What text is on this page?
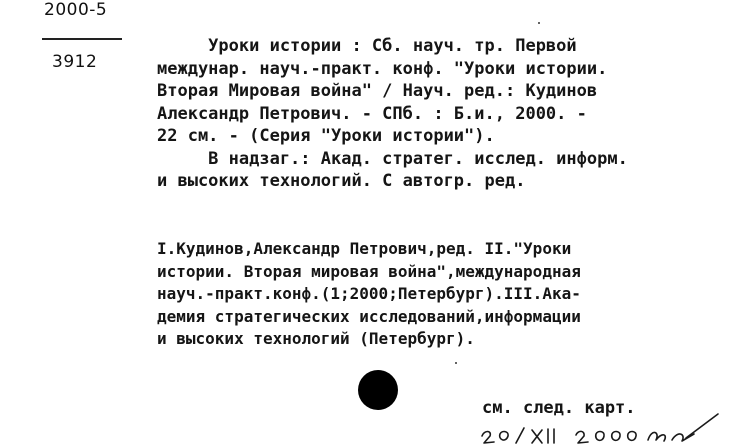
2000-5
3912
Уроки истории : Сб. науч. тр. Первой
междунар. науч.-практ. конф. "Уроки истории.
Вторая Мировая война" / Науч. ред.: Кудинов
Александр Петрович. - СПб. : Б.и., 2000. -
22 см. - (Серия "Уроки истории").
В надзаг.: Акад. стратег. исслед. информ.
и высоких технологий. С автогр. ред.
I.Кудинов,Александр Петрович,ред. II."Уроки
истории. Вторая мировая война",международная
науч.-практ.конф.(1;2000;Петербург).III.Ака-
демия стратегических исследований,информации
и высоких технологий (Петербург).
см. след. карт.
